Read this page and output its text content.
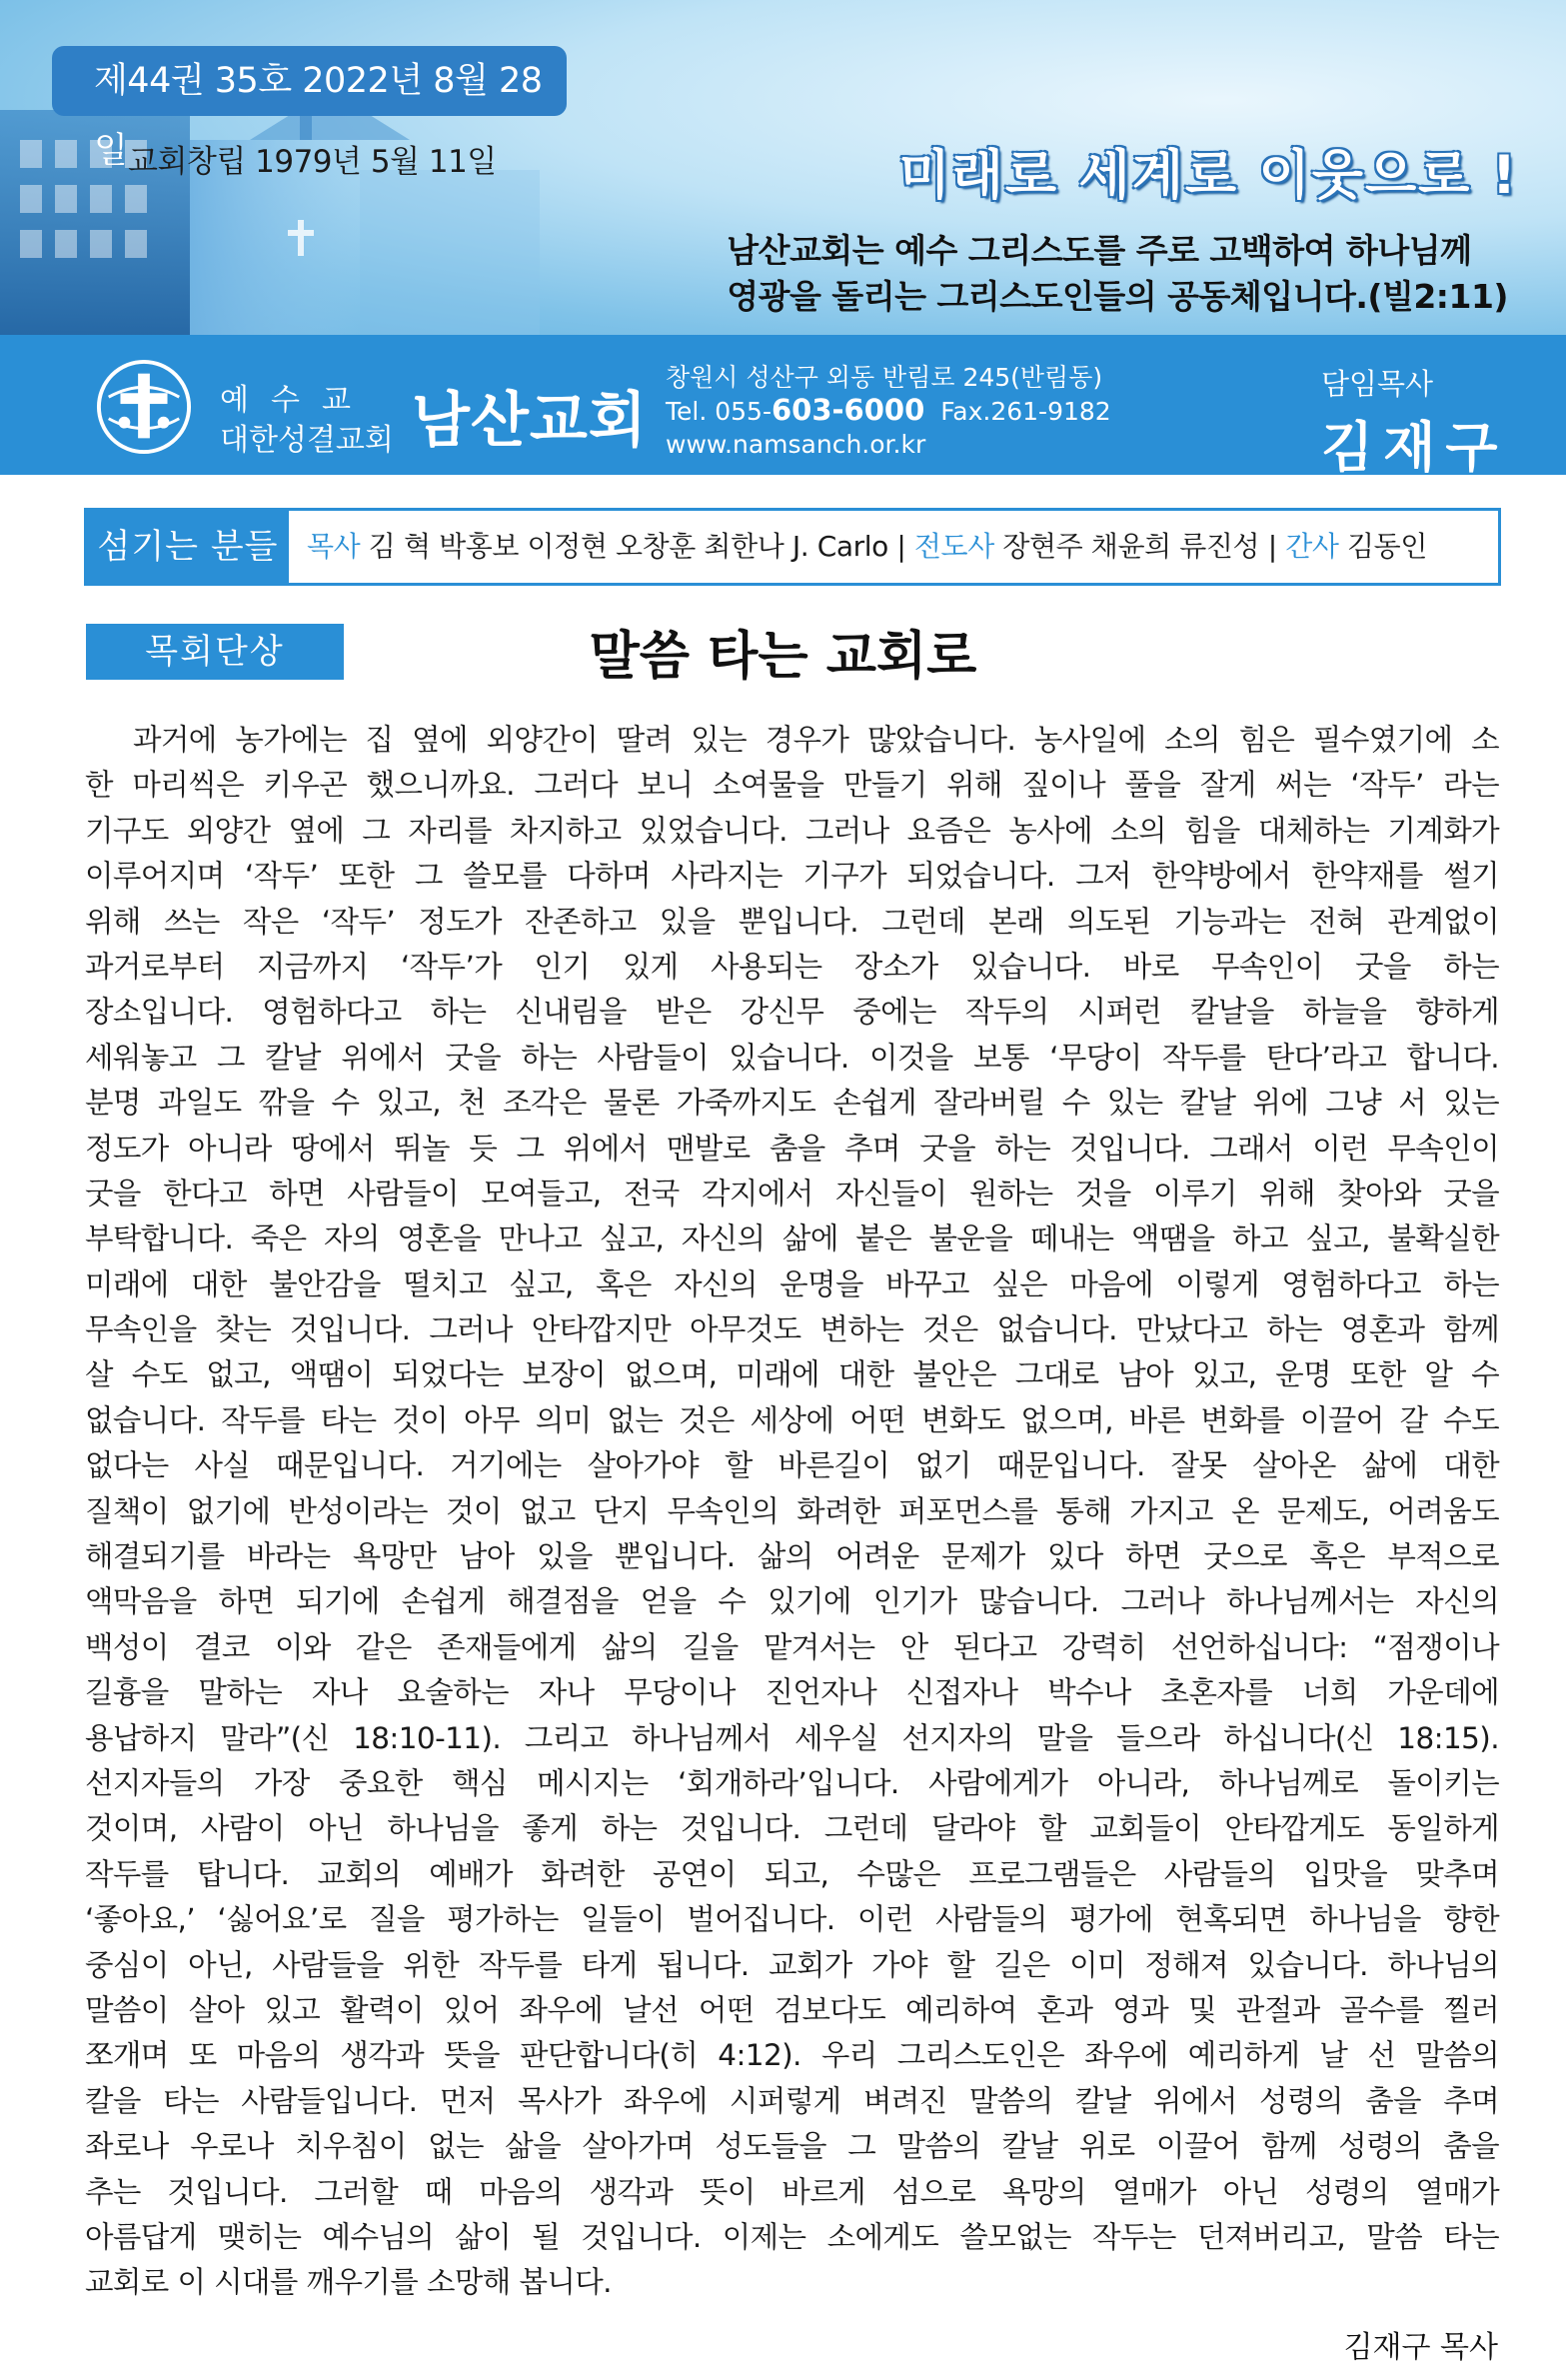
제44권 35호 2022년 8월 28일 교회창립 1979년 5월 11일	미래로 세계로 이웃으로 !
남산교회는 예수 그리스도를 주로 고백하여 하나님께
영광을 돌리는 그리스도인들의 공동체입니다.(빌2:11)
예수교
대한성결교회 남산교회
창원시 성산구 외동 반림로 245(반림동)
Tel. 055-603-6000 Fax.261-9182
www.namsanch.or.kr
담임목사
김재구
섬기는 분들	목사 김 혁 박홍보 이정현 오창훈 최한나 J. Carlo | 전도사 장현주 채윤희 류진성 | 간사 김동인
목회단상	말씀 타는 교회로
과거에 농가에는 집 옆에 외양간이 딸려 있는 경우가 많았습니다. 농사일에 소의 힘은 필수였기에 소
한 마리씩은 키우곤 했으니까요. 그러다 보니 소여물을 만들기 위해 짚이나 풀을 잘게 써는 ‘작두’ 라는
기구도 외양간 옆에 그 자리를 차지하고 있었습니다. 그러나 요즘은 농사에 소의 힘을 대체하는 기계화가
이루어지며 ‘작두’ 또한 그 쓸모를 다하며 사라지는 기구가 되었습니다. 그저 한약방에서 한약재를 썰기
위해 쓰는 작은 ‘작두’ 정도가 잔존하고 있을 뿐입니다. 그런데 본래 의도된 기능과는 전혀 관계없이
과거로부터 지금까지 ‘작두’가 인기 있게 사용되는 장소가 있습니다. 바로 무속인이 굿을 하는
장소입니다. 영험하다고 하는 신내림을 받은 강신무 중에는 작두의 시퍼런 칼날을 하늘을 향하게
세워놓고 그 칼날 위에서 굿을 하는 사람들이 있습니다. 이것을 보통 ‘무당이 작두를 탄다’라고 합니다.
분명 과일도 깎을 수 있고, 천 조각은 물론 가죽까지도 손쉽게 잘라버릴 수 있는 칼날 위에 그냥 서 있는
정도가 아니라 땅에서 뛰놀 듯 그 위에서 맨발로 춤을 추며 굿을 하는 것입니다. 그래서 이런 무속인이
굿을 한다고 하면 사람들이 모여들고, 전국 각지에서 자신들이 원하는 것을 이루기 위해 찾아와 굿을
부탁합니다. 죽은 자의 영혼을 만나고 싶고, 자신의 삶에 붙은 불운을 떼내는 액땜을 하고 싶고, 불확실한
미래에 대한 불안감을 떨치고 싶고, 혹은 자신의 운명을 바꾸고 싶은 마음에 이렇게 영험하다고 하는
무속인을 찾는 것입니다. 그러나 안타깝지만 아무것도 변하는 것은 없습니다. 만났다고 하는 영혼과 함께
살 수도 없고, 액땜이 되었다는 보장이 없으며, 미래에 대한 불안은 그대로 남아 있고, 운명 또한 알 수
없습니다. 작두를 타는 것이 아무 의미 없는 것은 세상에 어떤 변화도 없으며, 바른 변화를 이끌어 갈 수도
없다는 사실 때문입니다. 거기에는 살아가야 할 바른길이 없기 때문입니다. 잘못 살아온 삶에 대한
질책이 없기에 반성이라는 것이 없고 단지 무속인의 화려한 퍼포먼스를 통해 가지고 온 문제도, 어려움도
해결되기를 바라는 욕망만 남아 있을 뿐입니다. 삶의 어려운 문제가 있다 하면 굿으로 혹은 부적으로
액막음을 하면 되기에 손쉽게 해결점을 얻을 수 있기에 인기가 많습니다. 그러나 하나님께서는 자신의
백성이 결코 이와 같은 존재들에게 삶의 길을 맡겨서는 안 된다고 강력히 선언하십니다: “점쟁이나
길흉을 말하는 자나 요술하는 자나 무당이나 진언자나 신접자나 박수나 초혼자를 너희 가운데에
용납하지 말라”(신 18:10-11). 그리고 하나님께서 세우실 선지자의 말을 들으라 하십니다(신 18:15).
선지자들의 가장 중요한 핵심 메시지는 ‘회개하라’입니다. 사람에게가 아니라, 하나님께로 돌이키는
것이며, 사람이 아닌 하나님을 좋게 하는 것입니다. 그런데 달라야 할 교회들이 안타깝게도 동일하게
작두를 탑니다. 교회의 예배가 화려한 공연이 되고, 수많은 프로그램들은 사람들의 입맛을 맞추며
‘좋아요,’ ‘싫어요’로 질을 평가하는 일들이 벌어집니다. 이런 사람들의 평가에 현혹되면 하나님을 향한
중심이 아닌, 사람들을 위한 작두를 타게 됩니다. 교회가 가야 할 길은 이미 정해져 있습니다. 하나님의
말씀이 살아 있고 활력이 있어 좌우에 날선 어떤 검보다도 예리하여 혼과 영과 및 관절과 골수를 찔러
쪼개며 또 마음의 생각과 뜻을 판단합니다(히 4:12). 우리 그리스도인은 좌우에 예리하게 날 선 말씀의
칼을 타는 사람들입니다. 먼저 목사가 좌우에 시퍼렇게 벼려진 말씀의 칼날 위에서 성령의 춤을 추며
좌로나 우로나 치우침이 없는 삶을 살아가며 성도들을 그 말씀의 칼날 위로 이끌어 함께 성령의 춤을
추는 것입니다. 그러할 때 마음의 생각과 뜻이 바르게 섬으로 욕망의 열매가 아닌 성령의 열매가
아름답게 맺히는 예수님의 삶이 될 것입니다. 이제는 소에게도 쓸모없는 작두는 던져버리고, 말씀 타는
교회로 이 시대를 깨우기를 소망해 봅니다.
김재구 목사
